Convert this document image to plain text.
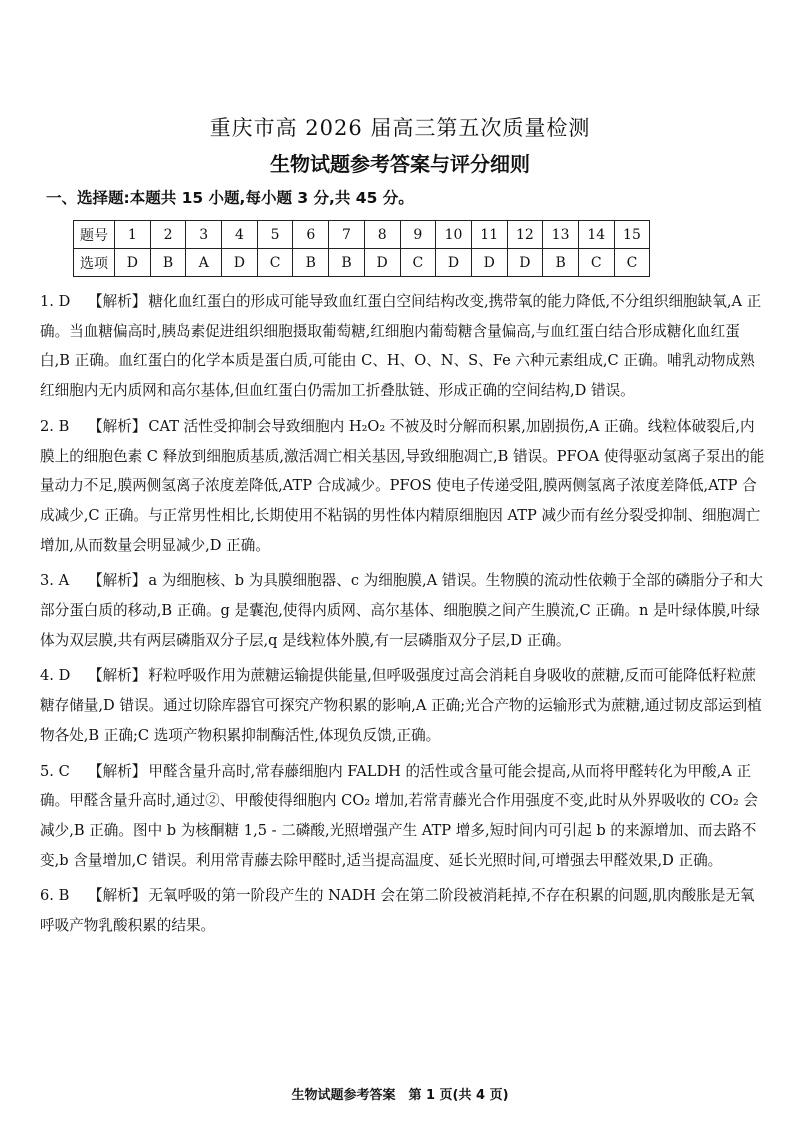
重庆市高 2026 届高三第五次质量检测
生物试题参考答案与评分细则
一、选择题:本题共 15 小题,每小题 3 分,共 45 分。
题号	1	2	3	4	5	6	7	8	9	10	11	12	13	14	15
选项	D	B	A	D	C	B	B	D	C	D	D	D	B	C	C
1. D 【解析】 糖化血红蛋白的形成可能导致血红蛋白空间结构改变,携带氧的能力降低,不分组织细胞缺氧,A 正确。当血糖偏高时,胰岛素促进组织细胞摄取葡萄糖,红细胞内葡萄糖含量偏高,与血红蛋白结合形成糖化血红蛋白,B 正确。血红蛋白的化学本质是蛋白质,可能由 C、H、O、N、S、Fe 六种元素组成,C 正确。哺乳动物成熟红细胞内无内质网和高尔基体,但血红蛋白仍需加工折叠肽链、形成正确的空间结构,D 错误。
2. B 【解析】 CAT 活性受抑制会导致细胞内 H₂O₂ 不被及时分解而积累,加剧损伤,A 正确。线粒体破裂后,内膜上的细胞色素 C 释放到细胞质基质,激活凋亡相关基因,导致细胞凋亡,B 错误。PFOA 使得驱动氢离子泵出的能量动力不足,膜两侧氢离子浓度差降低,ATP 合成减少。PFOS 使电子传递受阻,膜两侧氢离子浓度差降低,ATP 合成减少,C 正确。与正常男性相比,长期使用不粘锅的男性体内精原细胞因 ATP 减少而有丝分裂受抑制、细胞凋亡增加,从而数量会明显减少,D 正确。
3. A 【解析】 a 为细胞核、b 为具膜细胞器、c 为细胞膜,A 错误。生物膜的流动性依赖于全部的磷脂分子和大部分蛋白质的移动,B 正确。g 是囊泡,使得内质网、高尔基体、细胞膜之间产生膜流,C 正确。n 是叶绿体膜,叶绿体为双层膜,共有两层磷脂双分子层,q 是线粒体外膜,有一层磷脂双分子层,D 正确。
4. D 【解析】 籽粒呼吸作用为蔗糖运输提供能量,但呼吸强度过高会消耗自身吸收的蔗糖,反而可能降低籽粒蔗糖存储量,D 错误。通过切除库器官可探究产物积累的影响,A 正确;光合产物的运输形式为蔗糖,通过韧皮部运到植物各处,B 正确;C 选项产物积累抑制酶活性,体现负反馈,正确。
5. C 【解析】 甲醛含量升高时,常春藤细胞内 FALDH 的活性或含量可能会提高,从而将甲醛转化为甲酸,A 正确。甲醛含量升高时,通过②、甲酸使得细胞内 CO₂ 增加,若常青藤光合作用强度不变,此时从外界吸收的 CO₂ 会减少,B 正确。图中 b 为核酮糖 1,5 - 二磷酸,光照增强产生 ATP 增多,短时间内可引起 b 的来源增加、而去路不变,b 含量增加,C 错误。利用常青藤去除甲醛时,适当提高温度、延长光照时间,可增强去甲醛效果,D 正确。
6. B 【解析】 无氧呼吸的第一阶段产生的 NADH 会在第二阶段被消耗掉,不存在积累的问题,肌肉酸胀是无氧呼吸产物乳酸积累的结果。
生物试题参考答案　第 1 页(共 4 页)
